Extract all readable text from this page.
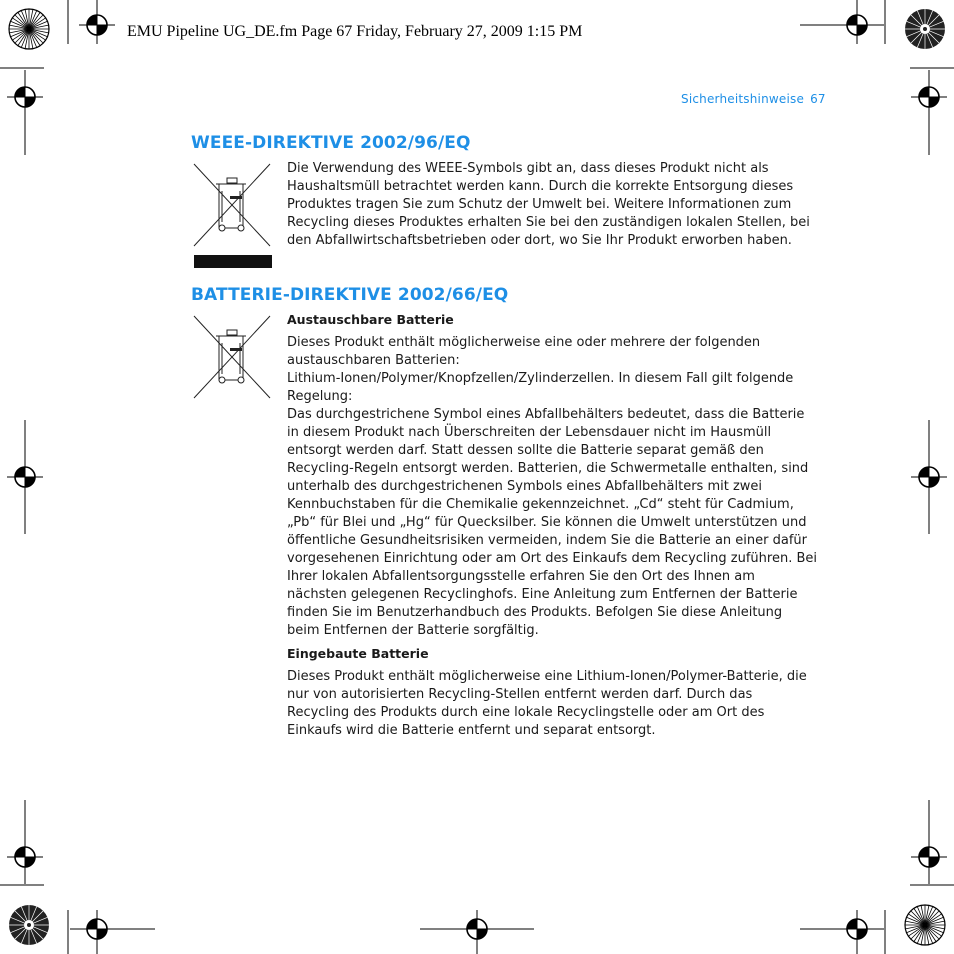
EMU Pipeline UG_DE.fm Page 67 Friday, February 27, 2009 1:15 PM
Sicherheitshinweise 67
WEEE-DIREKTIVE 2002/96/EQ
Die Verwendung des WEEE-Symbols gibt an, dass dieses Produkt nicht als Haushaltsmüll betrachtet werden kann. Durch die korrekte Entsorgung dieses Produktes tragen Sie zum Schutz der Umwelt bei. Weitere Informationen zum Recycling dieses Produktes erhalten Sie bei den zuständigen lokalen Stellen, bei den Abfallwirtschaftsbetrieben oder dort, wo Sie Ihr Produkt erworben haben.
BATTERIE-DIREKTIVE 2002/66/EQ

Austauschbare Batterie

Dieses Produkt enthält möglicherweise eine oder mehrere der folgenden austauschbaren Batterien:

Lithium-Ionen/Polymer/Knopfzellen/Zylinderzellen. In diesem Fall gilt folgende Regelung:

Das durchgestrichene Symbol eines Abfallbehälters bedeutet, dass die Batterie in diesem Produkt nach Überschreiten der Lebensdauer nicht im Hausmüll entsorgt werden darf. Statt dessen sollte die Batterie separat gemäß den Recycling-Regeln entsorgt werden. Batterien, die Schwermetalle enthalten, sind unterhalb des durchgestrichenen Symbols eines Abfallbehälters mit zwei Kennbuchstaben für die Chemikalie gekennzeichnet. „Cd“ steht für Cadmium, „Pb“ für Blei und „Hg“ für Quecksilber. Sie können die Umwelt unterstützen und öffentliche Gesundheitsrisiken vermeiden, indem Sie die Batterie an einer dafür vorgesehenen Einrichtung oder am Ort des Einkaufs dem Recycling zuführen. Bei Ihrer lokalen Abfallentsorgungsstelle erfahren Sie den Ort des Ihnen am nächsten gelegenen Recyclinghofs. Eine Anleitung zum Entfernen der Batterie finden Sie im Benutzerhandbuch des Produkts. Befolgen Sie diese Anleitung beim Entfernen der Batterie sorgfältig.

Eingebaute Batterie

Dieses Produkt enthält möglicherweise eine Lithium-Ionen/Polymer-Batterie, die nur von autorisierten Recycling-Stellen entfernt werden darf. Durch das Recycling des Produkts durch eine lokale Recyclingstelle oder am Ort des Einkaufs wird die Batterie entfernt und separat entsorgt.
